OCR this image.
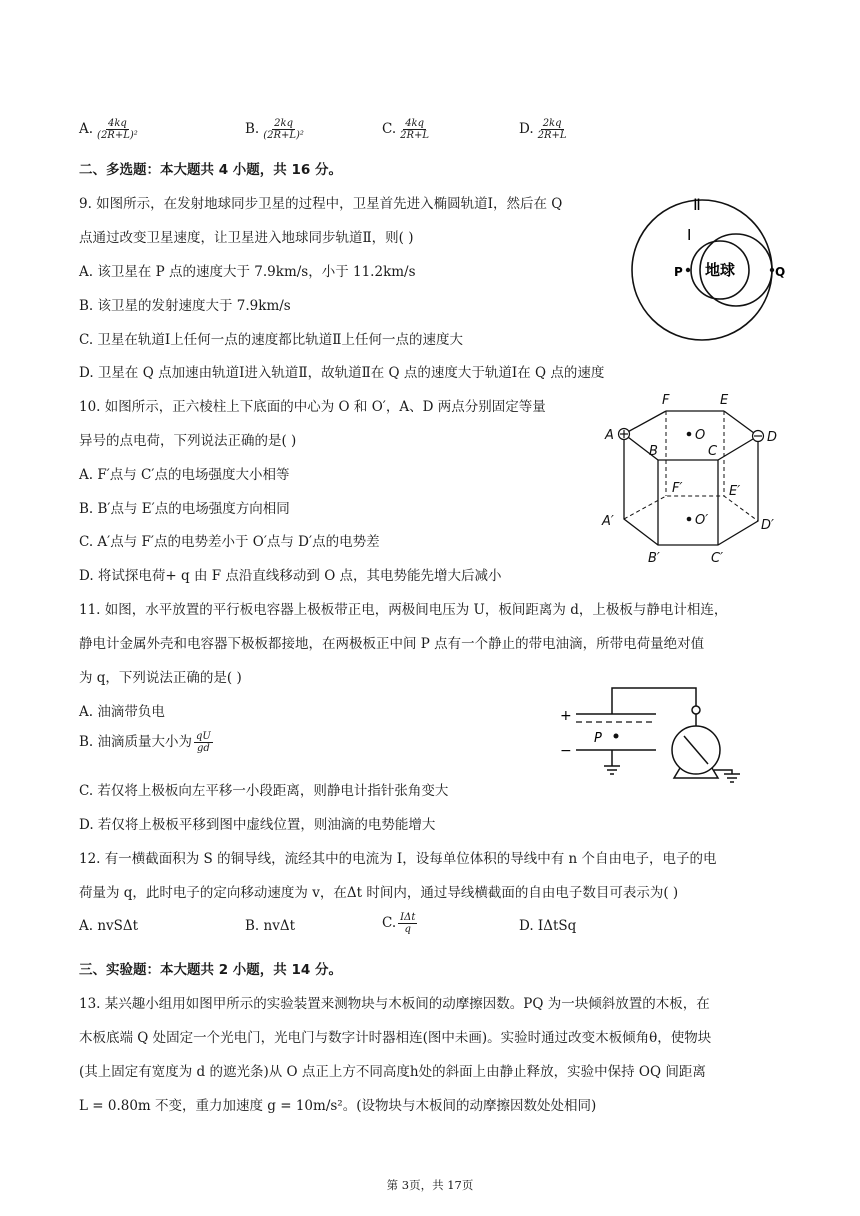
A. $\frac{4kq}{\text{(2R+L)²}}$	B. $\frac{2kq}{\text{(2R+L)²}}$	C. $\frac{4kq}{2R+L}$	D. $\frac{2kq}{2R+L}$
二、多选题：本大题共 4 小题，共 16 分。
9. 如图所示，在发射地球同步卫星的过程中，卫星首先进入椭圆轨道Ⅰ，然后在 Q
点通过改变卫星速度，让卫星进入地球同步轨道Ⅱ，则( )
A. 该卫星在 P 点的速度大于 7.9km/s，小于 11.2km/s
B. 该卫星的发射速度大于 7.9km/s
C. 卫星在轨道Ⅰ上任何一点的速度都比轨道Ⅱ上任何一点的速度大
D. 卫星在 Q 点加速由轨道Ⅰ进入轨道Ⅱ，故轨道Ⅱ在 Q 点的速度大于轨道Ⅰ在 Q 点的速度
Ⅱ
Ⅰ
地球
P	Q
10. 如图所示，正六棱柱上下底面的中心为 O 和 O′，A、D 两点分别固定等量
异号的点电荷，下列说法正确的是( )
A. F′点与 C′点的电场强度大小相等
B. B′点与 E′点的电场强度方向相同
C. A′点与 F′点的电势差小于 O′点与 D′点的电势差
D. 将试探电荷+ q 由 F 点沿直线移动到 O 点，其电势能先增大后减小
F	E
A	D
B	C
O
F′	E′
A′	D′
O′
B′	C′
11. 如图，水平放置的平行板电容器上极板带正电，两极间电压为 U，板间距离为 d，上极板与静电计相连，
静电计金属外壳和电容器下极板都接地，在两极板正中间 P 点有一个静止的带电油滴，所带电荷量绝对值
为 q，下列说法正确的是( )
A. 油滴带负电
B. 油滴质量大小为 $\frac{qU}{gd}$
C. 若仅将上极板向左平移一小段距离，则静电计指针张角变大
D. 若仅将上极板平移到图中虚线位置，则油滴的电势能增大
+
−
P
12. 有一横截面积为 S 的铜导线，流经其中的电流为 I，设每单位体积的导线中有 n 个自由电子，电子的电
荷量为 q，此时电子的定向移动速度为 v，在Δt 时间内，通过导线横截面的自由电子数目可表示为( )
A. nvSΔt	B. nvΔt	C. $\frac{\text{IΔt}}{q}$	D. IΔtSq
三、实验题：本大题共 2 小题，共 14 分。
13. 某兴趣小组用如图甲所示的实验装置来测物块与木板间的动摩擦因数。PQ 为一块倾斜放置的木板，在
木板底端 Q 处固定一个光电门，光电门与数字计时器相连(图中未画)。实验时通过改变木板倾角θ，使物块
(其上固定有宽度为 d 的遮光条)从 O 点正上方不同高度h处的斜面上由静止释放，实验中保持 OQ 间距离
L = 0.80m 不变，重力加速度 g = 10m/s²。(设物块与木板间的动摩擦因数处处相同)
第 3页，共 17页
